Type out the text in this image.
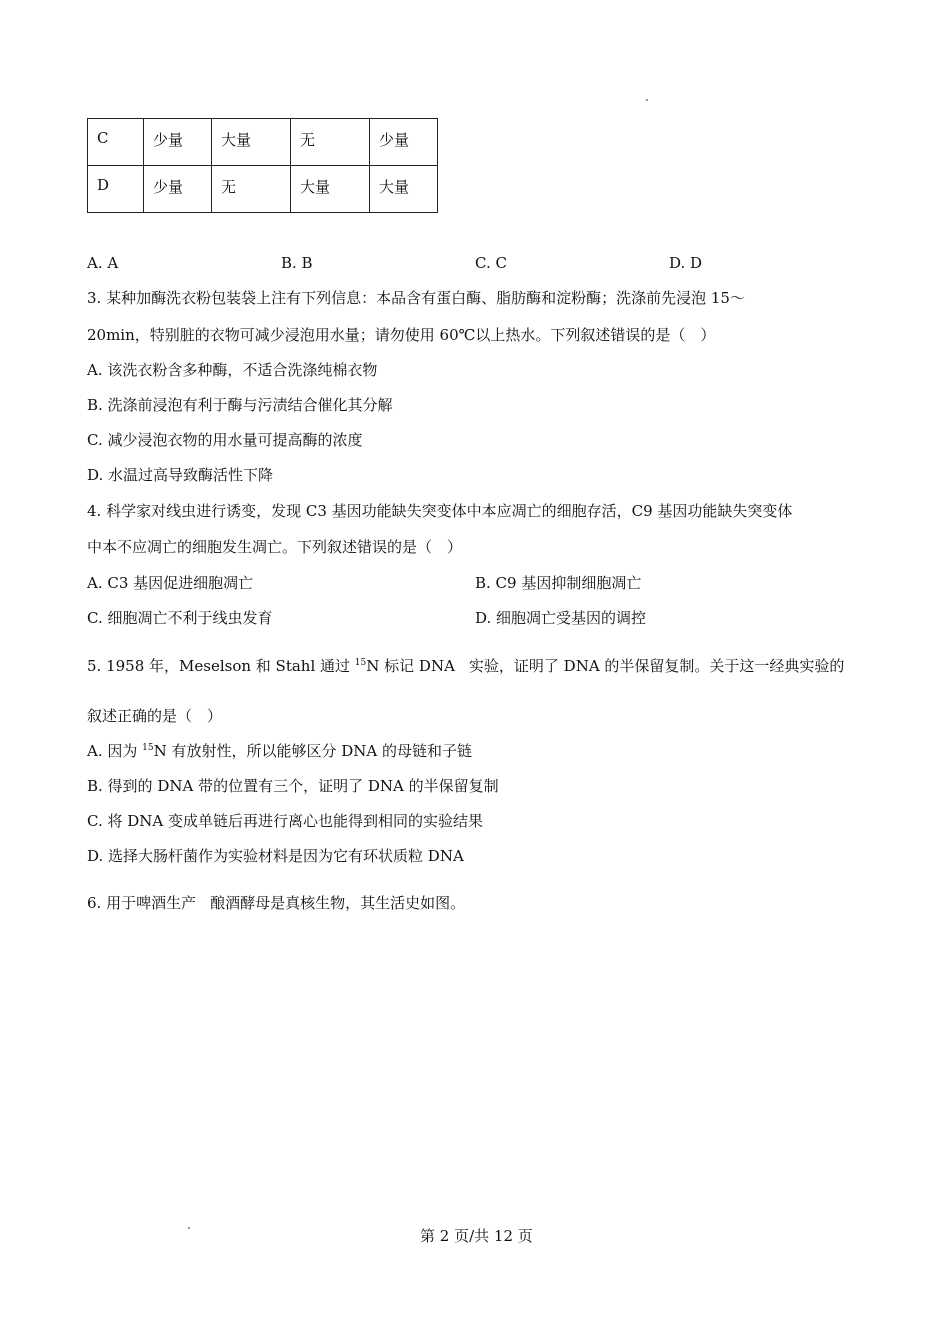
C	少量	大量	无	少量
D	少量	无	大量	大量
A. A	B. B	C. C	D. D
3. 某种加酶洗衣粉包装袋上注有下列信息：本品含有蛋白酶、脂肪酶和淀粉酶；洗涤前先浸泡 15～
20min，特别脏的衣物可减少浸泡用水量；请勿使用 60℃以上热水。下列叙述错误的是（　）
A. 该洗衣粉含多种酶，不适合洗涤纯棉衣物
B. 洗涤前浸泡有利于酶与污渍结合催化其分解
C. 减少浸泡衣物的用水量可提高酶的浓度
D. 水温过高导致酶活性下降
4. 科学家对线虫进行诱变，发现 C3 基因功能缺失突变体中本应凋亡的细胞存活，C9 基因功能缺失突变体
中本不应凋亡的细胞发生凋亡。下列叙述错误的是（　）
A. C3 基因促进细胞凋亡	B. C9 基因抑制细胞凋亡
C. 细胞凋亡不利于线虫发育	D. 细胞凋亡受基因的调控
5. 1958 年，Meselson 和 Stahl 通过 $^{15}$N 标记 DNA 实验，证明了 DNA 的半保留复制。关于这一经典实验的
叙述正确的是（　）
A. 因为 $^{15}$N 有放射性，所以能够区分 DNA 的母链和子链
B. 得到的 DNA 带的位置有三个，证明了 DNA 的半保留复制
C. 将 DNA 变成单链后再进行离心也能得到相同的实验结果
D. 选择大肠杆菌作为实验材料是因为它有环状质粒 DNA
6. 用于啤酒生产 酿酒酵母是真核生物，其生活史如图。
第 2 页/共 12 页
